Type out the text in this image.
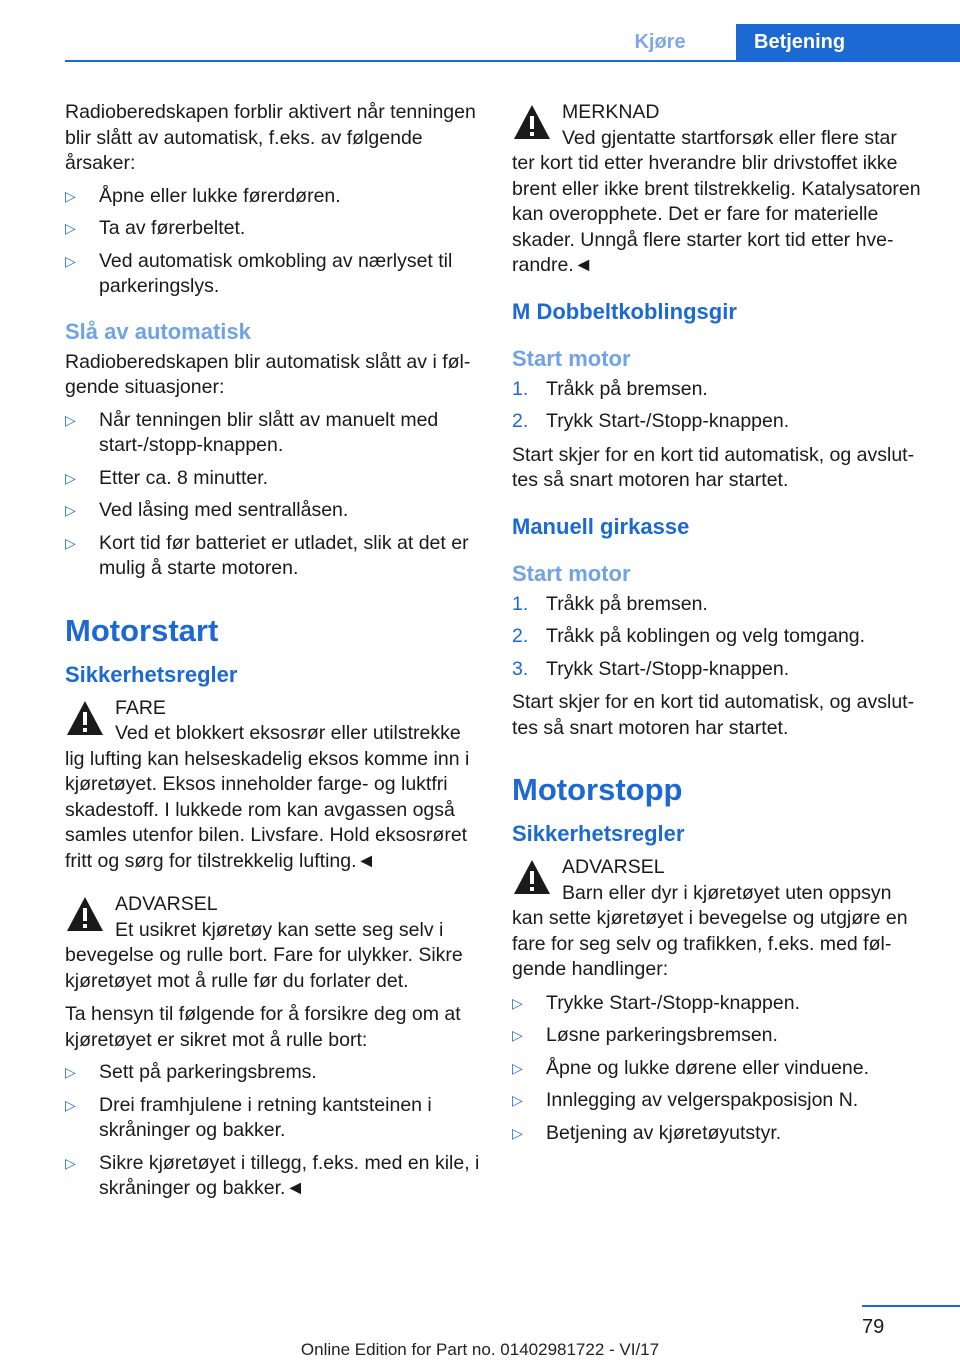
Kjøre	Betjening

Radioberedskapen forblir aktivert når tenningen blir slått av automatisk, f.eks. av følgende årsaker:

▷ Åpne eller lukke førerdøren.
▷ Ta av førerbeltet.
▷ Ved automatisk omkobling av nærlyset til parkeringslys.
Slå av automatisk

Radioberedskapen blir automatisk slått av i følgende situasjoner:

▷ Når tenningen blir slått av manuelt med start-/stopp-knappen.
▷ Etter ca. 8 minutter.
▷ Ved låsing med sentrallåsen.
▷ Kort tid før batteriet er utladet, slik at det er mulig å starte motoren.
Motorstart
Sikkerhetsregler
FARE
Ved et blokkert eksosrør eller utilstrekke
lig lufting kan helseskadelig eksos komme inn i kjøretøyet. Eksos inneholder farge- og luktfri skadestoff. I lukkede rom kan avgassen også samles utenfor bilen. Livsfare. Hold eksosrøret fritt og sørg for tilstrekkelig lufting.◄
ADVARSEL
Et usikret kjøretøy kan sette seg selv i
bevegelse og rulle bort. Fare for ulykker. Sikre kjøretøyet mot å rulle før du forlater det.

Ta hensyn til følgende for å forsikre deg om at kjøretøyet er sikret mot å rulle bort:

▷ Sett på parkeringsbrems.
▷ Drei framhjulene i retning kantsteinen i skråninger og bakker.
▷ Sikre kjøretøyet i tillegg, f.eks. med en kile, i skråninger og bakker.◄
MERKNAD
Ved gjentatte startforsøk eller flere star
ter kort tid etter hverandre blir drivstoffet ikke brent eller ikke brent tilstrekkelig. Katalysatoren kan overopphete. Det er fare for materielle skader. Unngå flere starter kort tid etter hverandre.◄
M Dobbeltkoblingsgir
Start motor
1. Tråkk på bremsen.
2. Trykk Start-/Stopp-knappen.

Start skjer for en kort tid automatisk, og avsluttes så snart motoren har startet.

Manuell girkasse
Start motor
1. Tråkk på bremsen.
2. Tråkk på koblingen og velg tomgang.
3. Trykk Start-/Stopp-knappen.

Start skjer for en kort tid automatisk, og avsluttes så snart motoren har startet.

Motorstopp
Sikkerhetsregler
ADVARSEL
Barn eller dyr i kjøretøyet uten oppsyn
kan sette kjøretøyet i bevegelse og utgjøre en fare for seg selv og trafikken, f.eks. med følgende handlinger:
▷ Trykke Start-/Stopp-knappen.
▷ Løsne parkeringsbremsen.
▷ Åpne og lukke dørene eller vinduene.
▷ Innlegging av velgerspakposisjon N.
▷ Betjening av kjøretøyutstyr.
79
Online Edition for Part no. 01402981722 - VI/17
